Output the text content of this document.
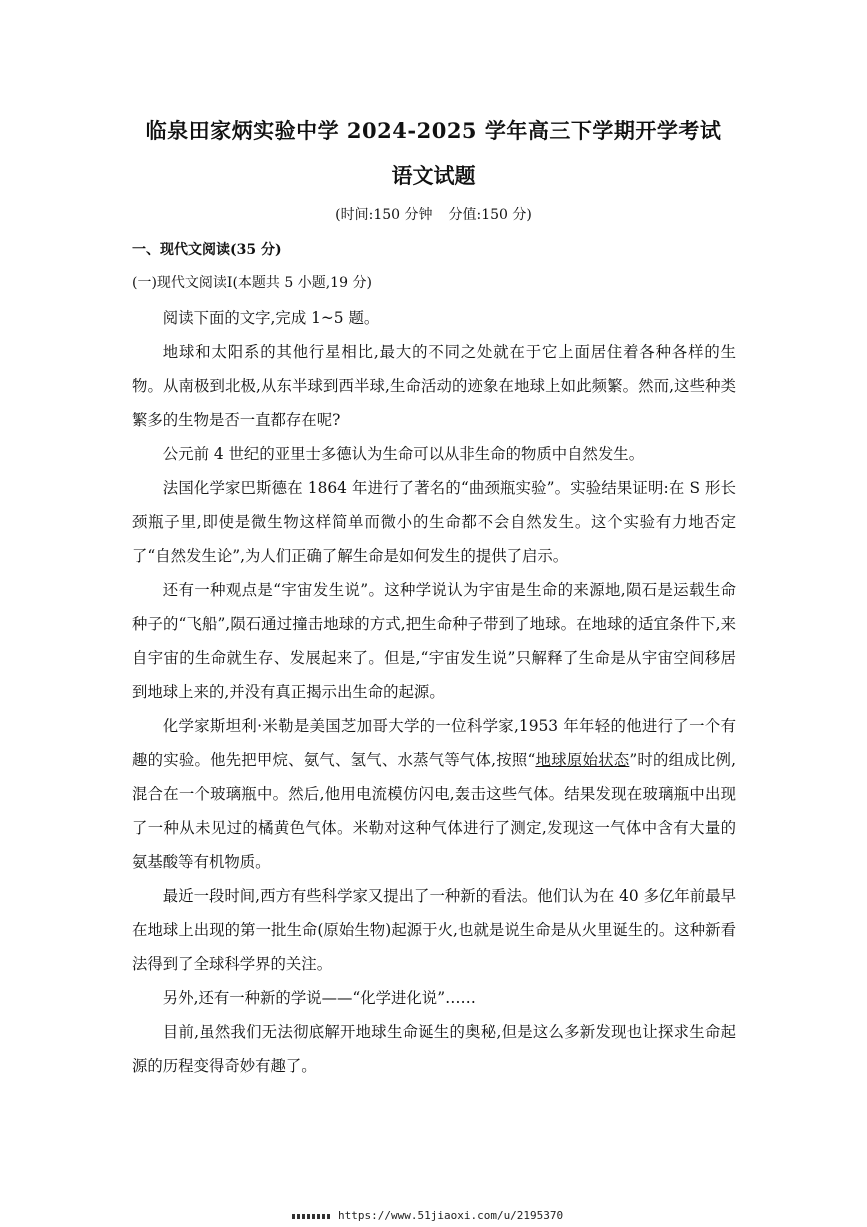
临泉田家炳实验中学 2024-2025 学年高三下学期开学考试
语文试题
(时间:150 分钟 分值:150 分)
一、现代文阅读(35 分)
(一)现代文阅读Ⅰ(本题共 5 小题,19 分)

阅读下面的文字,完成 1~5 题。

地球和太阳系的其他行星相比,最大的不同之处就在于它上面居住着各种各样的生物。从南极到北极,从东半球到西半球,生命活动的迹象在地球上如此频繁。然而,这些种类繁多的生物是否一直都存在呢?

公元前 4 世纪的亚里士多德认为生命可以从非生命的物质中自然发生。

法国化学家巴斯德在 1864 年进行了著名的“曲颈瓶实验”。实验结果证明:在 S 形长颈瓶子里,即使是微生物这样简单而微小的生命都不会自然发生。这个实验有力地否定了“自然发生论”,为人们正确了解生命是如何发生的提供了启示。

还有一种观点是“宇宙发生说”。这种学说认为宇宙是生命的来源地,陨石是运载生命种子的“飞船”,陨石通过撞击地球的方式,把生命种子带到了地球。在地球的适宜条件下,来自宇宙的生命就生存、发展起来了。但是,“宇宙发生说”只解释了生命是从宇宙空间移居到地球上来的,并没有真正揭示出生命的起源。

化学家斯坦利·米勒是美国芝加哥大学的一位科学家,1953 年年轻的他进行了一个有趣的实验。他先把甲烷、氨气、氢气、水蒸气等气体,按照“地球原始状态”时的组成比例,混合在一个玻璃瓶中。然后,他用电流模仿闪电,轰击这些气体。结果发现在玻璃瓶中出现了一种从未见过的橘黄色气体。米勒对这种气体进行了测定,发现这一气体中含有大量的氨基酸等有机物质。

最近一段时间,西方有些科学家又提出了一种新的看法。他们认为在 40 多亿年前最早在地球上出现的第一批生命(原始生物)起源于火,也就是说生命是从火里诞生的。这种新看法得到了全球科学界的关注。

另外,还有一种新的学说——“化学进化说”……

目前,虽然我们无法彻底解开地球生命诞生的奥秘,但是这么多新发现也让探求生命起源的历程变得奇妙有趣了。

https://www.51jiaoxi.com/u/2195370
